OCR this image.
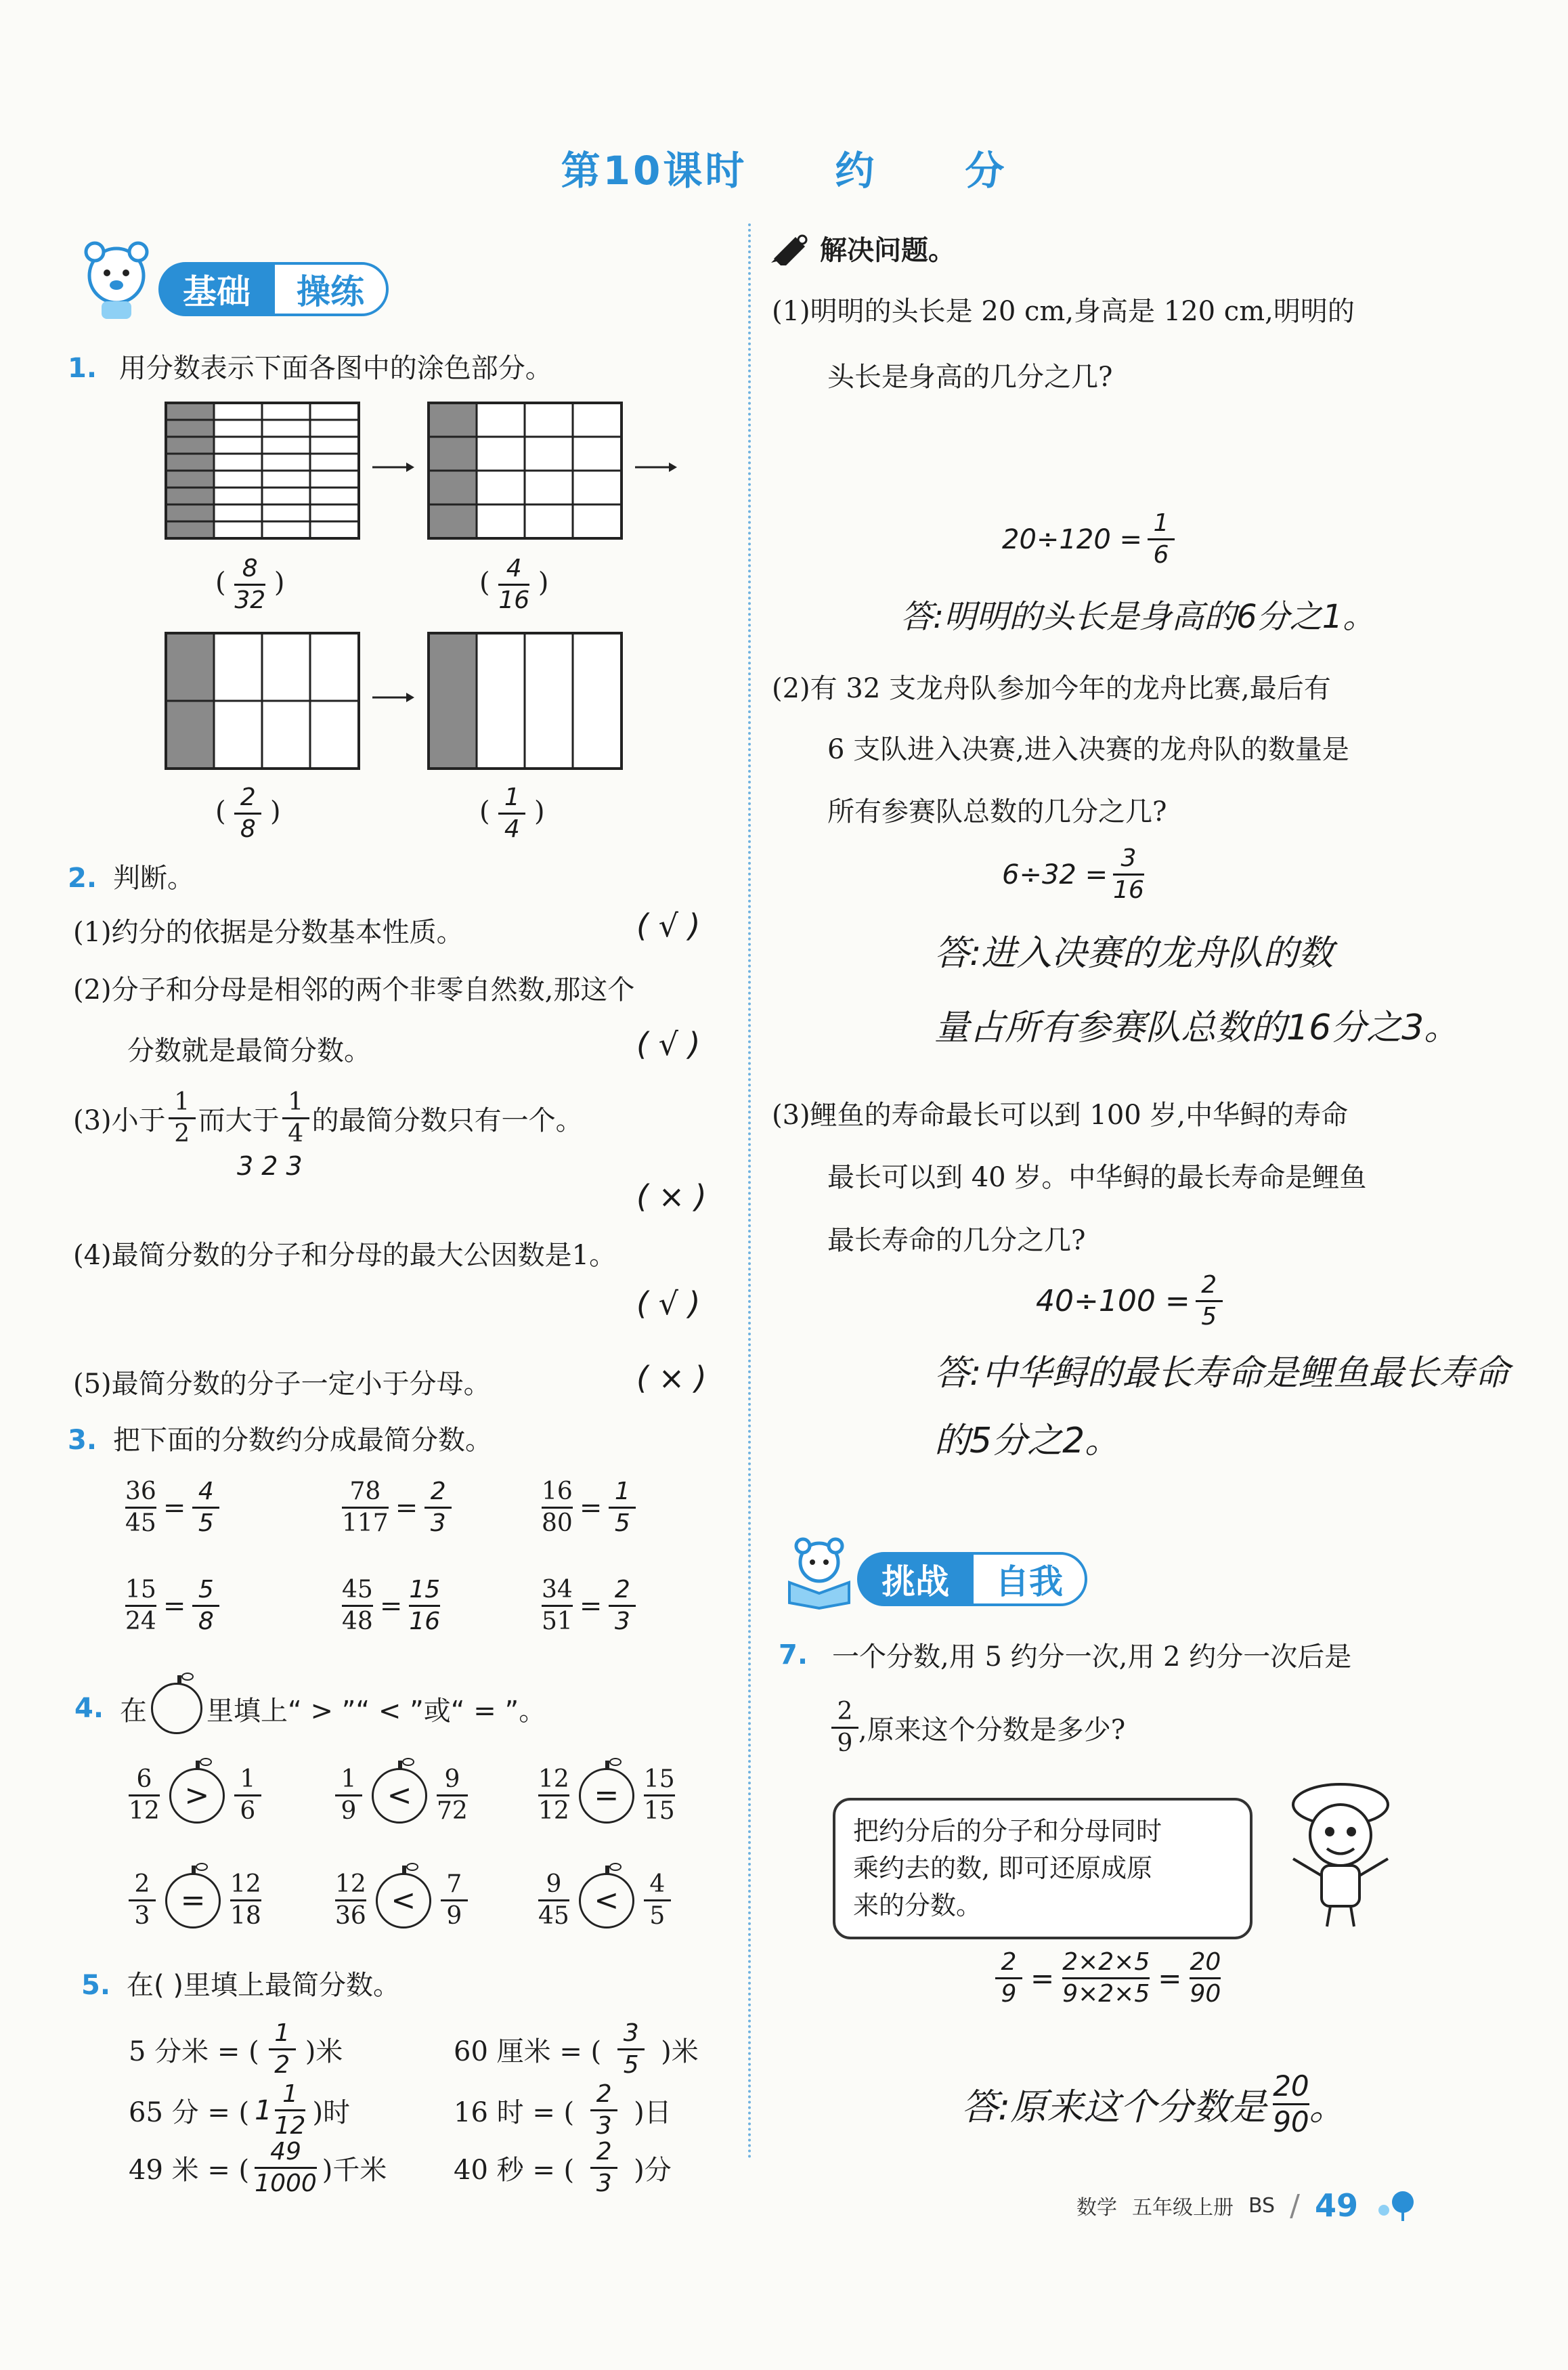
第10课时 约 分
基础	操练
1. 用分数表示下面各图中的涂色部分。
( $\frac{8}{32}$ )	( $\frac{4}{16}$ )
( $\frac{2}{8}$ )	( $\frac{1}{4}$ )
2. 判断。
(1)约分的依据是分数基本性质。	( √ )
(2)分子和分母是相邻的两个非零自然数,那这个
分数就是最简分数。	( √ )
(3)小于 $\frac{1}{2}$ 而大于 $\frac{1}{4}$ 的最简分数只有一个。
3 2 3
( × )
(4)最简分数的分子和分母的最大公因数是1。
( √ )
(5)最简分数的分子一定小于分母。	( × )
3. 把下面的分数约分成最简分数。
$\frac{36}{45} = \frac{4}{5}$	$\frac{78}{117} = \frac{2}{3}$	$\frac{16}{80} = \frac{1}{5}$
$\frac{15}{24} = \frac{5}{8}$	$\frac{45}{48} = \frac{15}{16}$	$\frac{34}{51} = \frac{2}{3}$
4. 在 里填上“ > ”“ < ”或“ = ”。
$\frac{6}{12}$ >	$\frac{1}{6}$	$\frac{1}{9}$ <	$\frac{9}{72}$	$\frac{12}{12}$ =	$\frac{15}{15}$
$\frac{2}{3}$ =	$\frac{12}{18}$	$\frac{12}{36}$ <	$\frac{7}{9}$	$\frac{9}{45}$ <	$\frac{4}{5}$
5. 在( )里填上最简分数。
5 分米 = ( $\frac{1}{2}$ )米	60 厘米 = ( $\frac{3}{5}$ )米
65 分 = ( $1 \frac{1}{12}$ )时	16 时 = ( $\frac{2}{3}$ )日
49 米 = ( $\frac{49}{1000}$ )千米 40 秒 = ( $\frac{2}{3}$ )分
解决问题。
(1)明明的头长是 20 cm,身高是 120 cm,明明的
头长是身高的几分之几?
$20\div 120 = \frac{1}{6}$
答:明明的头长是身高的6分之1。
(2)有 32 支龙舟队参加今年的龙舟比赛,最后有
6 支队进入决赛,进入决赛的龙舟队的数量是
所有参赛队总数的几分之几?
$6\div 32 = \frac{3}{16}$
答:进入决赛的龙舟队的数
量占所有参赛队总数的16分之3。
(3)鲤鱼的寿命最长可以到 100 岁,中华鲟的寿命
最长可以到 40 岁。中华鲟的最长寿命是鲤鱼
最长寿命的几分之几?
$40\div 100 = \frac{2}{5}$
答:中华鲟的最长寿命是鲤鱼最长寿命
的5分之2。
挑战	自我
7. 一个分数,用 5 约分一次,用 2 约分一次后是
$\frac{2}{9}$ ,原来这个分数是多少?
把约分后的分子和分母同时
乘约去的数, 即可还原成原
来的分数。
$\frac{2}{9} = \frac{2\times 2\times 5}{9\times 2\times 5} = \frac{20}{90}$
答:原来这个分数是 $\frac{20}{90}$ 。
数学 五年级上册 BS / 49
